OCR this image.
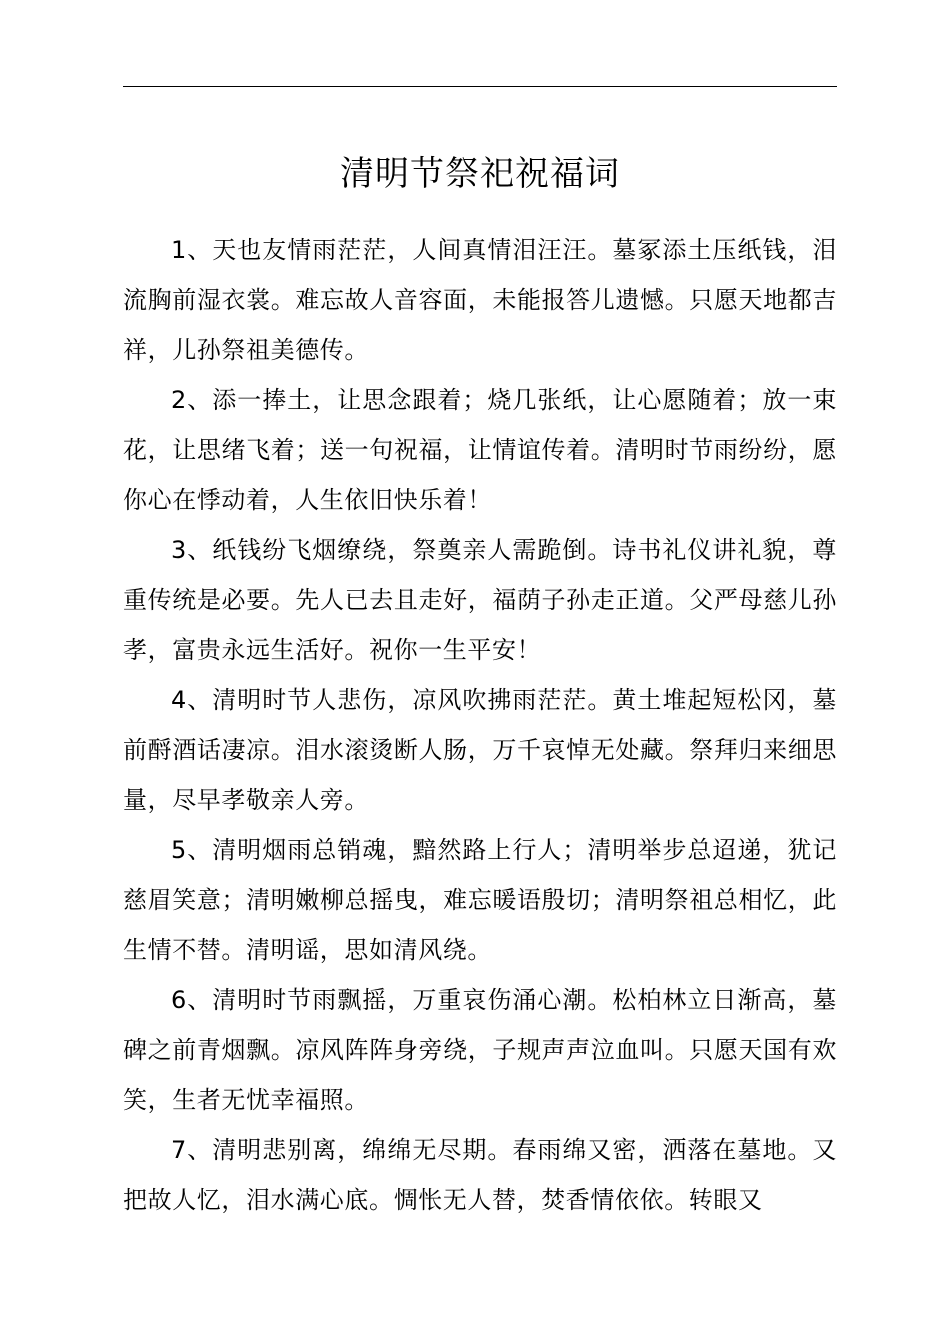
清明节祭祀祝福词

1、天也友情雨茫茫，人间真情泪汪汪。墓冢添土压纸钱，泪流胸前湿衣裳。难忘故人音容面，未能报答儿遗憾。只愿天地都吉祥，儿孙祭祖美德传。

2、添一捧土，让思念跟着；烧几张纸，让心愿随着；放一束花，让思绪飞着；送一句祝福，让情谊传着。清明时节雨纷纷，愿你心在悸动着，人生依旧快乐着！

3、纸钱纷飞烟缭绕，祭奠亲人需跪倒。诗书礼仪讲礼貌，尊重传统是必要。先人已去且走好，福荫子孙走正道。父严母慈儿孙孝，富贵永远生活好。祝你一生平安！

4、清明时节人悲伤，凉风吹拂雨茫茫。黄土堆起短松冈，墓前酹酒话凄凉。泪水滚烫断人肠，万千哀悼无处藏。祭拜归来细思量，尽早孝敬亲人旁。

5、清明烟雨总销魂，黯然路上行人；清明举步总迢递，犹记慈眉笑意；清明嫩柳总摇曳，难忘暖语殷切；清明祭祖总相忆，此生情不替。清明谣，思如清风绕。

6、清明时节雨飘摇，万重哀伤涌心潮。松柏林立日渐高，墓碑之前青烟飘。凉风阵阵身旁绕，子规声声泣血叫。只愿天国有欢笑，生者无忧幸福照。

7、清明悲别离，绵绵无尽期。春雨绵又密，洒落在墓地。又把故人忆，泪水满心底。惆怅无人替，焚香情依依。转眼又
